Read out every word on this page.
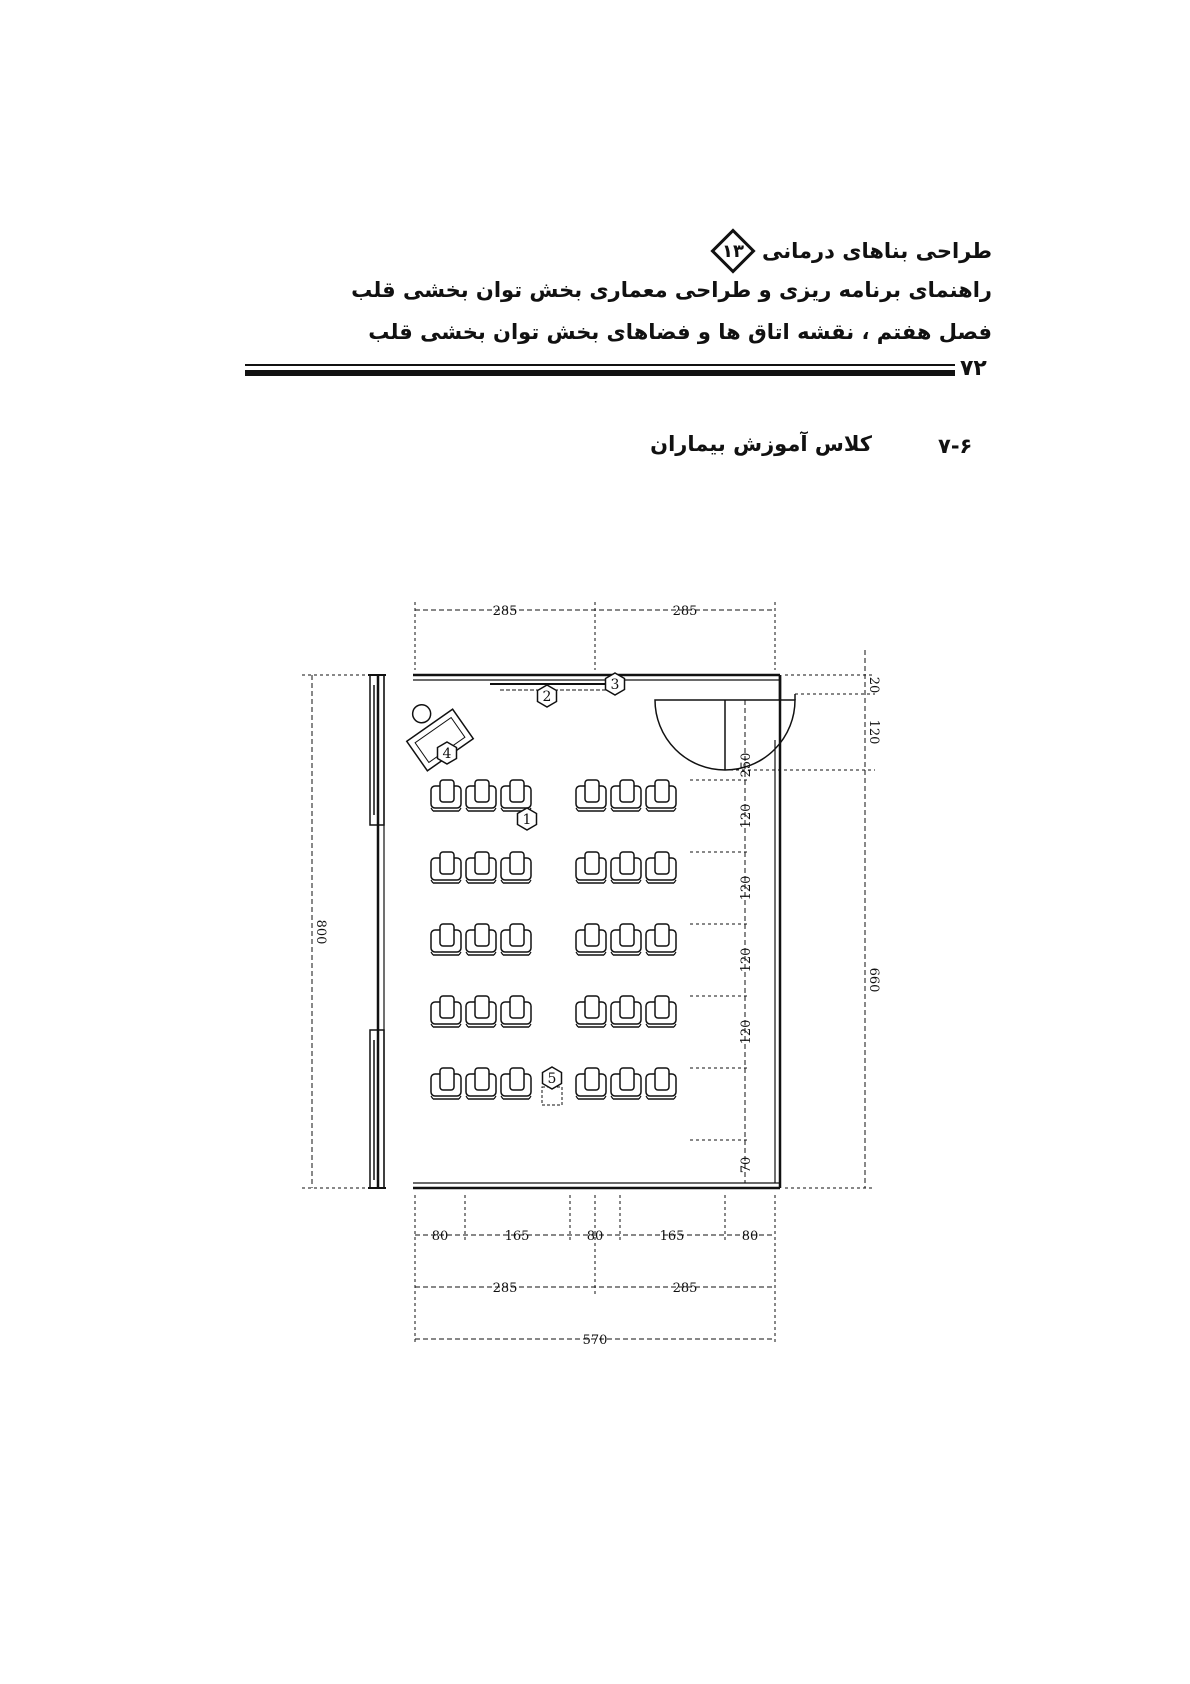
طراحی بناهای درمانی
۱۳
راهنمای برنامه ریزی و طراحی معماری بخش توان بخشی قلب
فصل هفتم ، نقشه اتاق ها و فضاهای بخش توان بخشی قلب
۷۲
۷-۶
کلاس آموزش بیماران
1
2
3
4
5
285	285
800
660
20
120
250
120
120
120
120
70
80	165	80	165	80
285	285
570
